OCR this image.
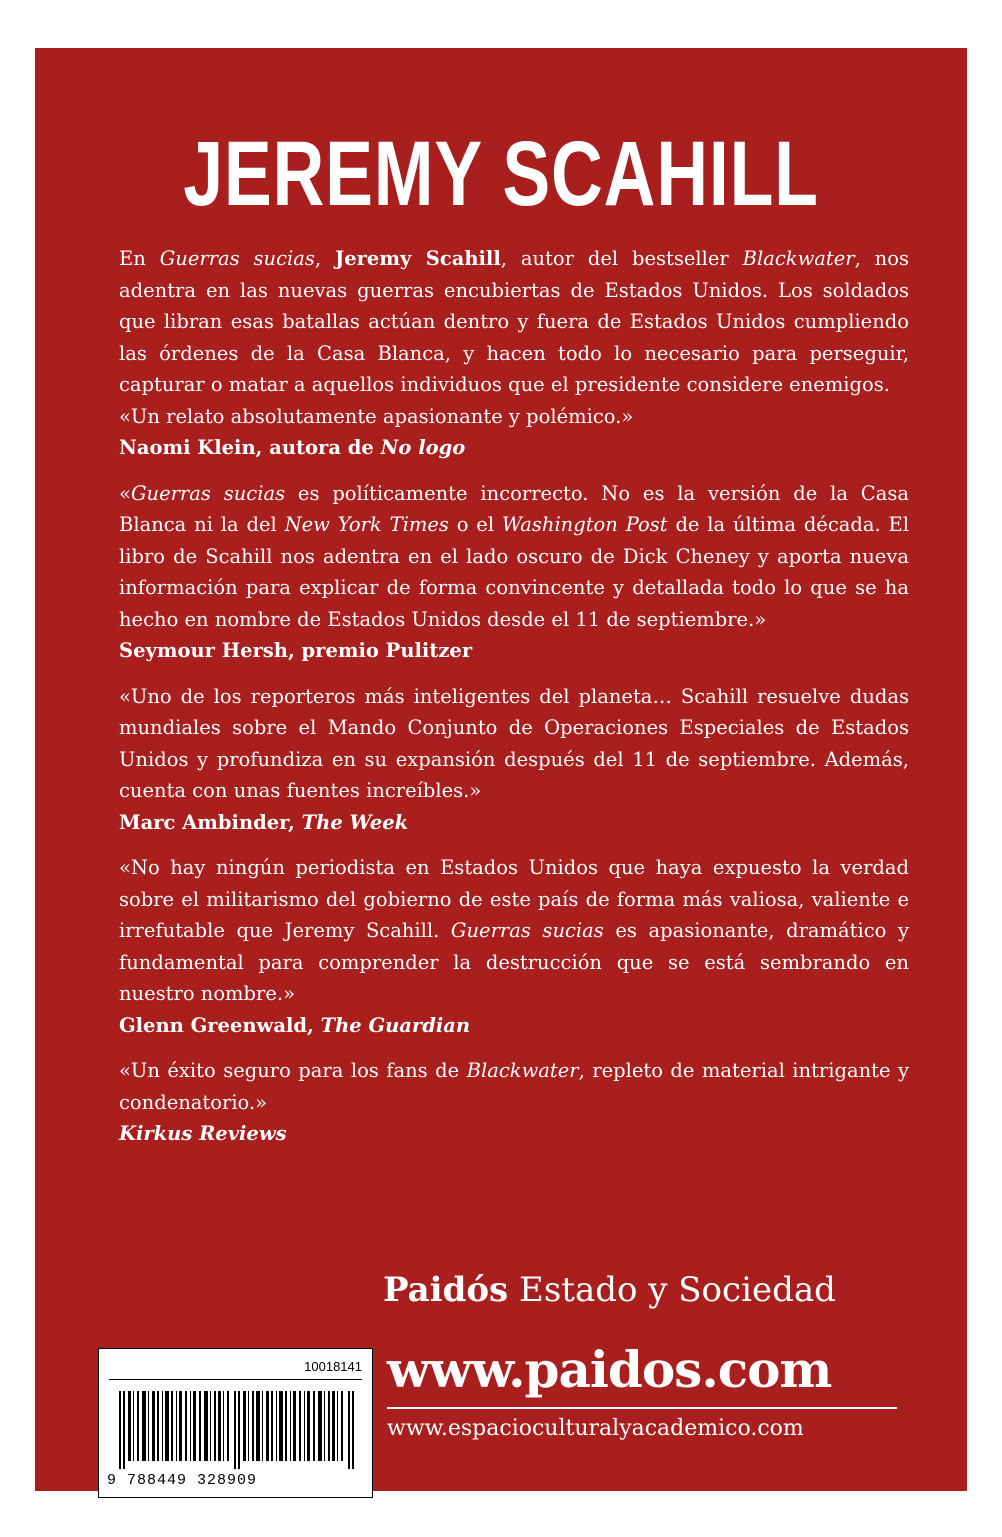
JEREMY SCAHILL

En Guerras sucias, Jeremy Scahill, autor del bestseller Blackwater, nos adentra en las nuevas guerras encubiertas de Estados Unidos. Los soldados que libran esas batallas actúan dentro y fuera de Estados Unidos cumpliendo las órdenes de la Casa Blanca, y hacen todo lo necesario para perseguir, capturar o matar a aquellos individuos que el presidente considere enemigos.

«Un relato absolutamente apasionante y polémico.»

Naomi Klein, autora de No logo

«Guerras sucias es políticamente incorrecto. No es la versión de la Casa Blanca ni la del New York Times o el Washington Post de la última década. El libro de Scahill nos adentra en el lado oscuro de Dick Cheney y aporta nueva información para explicar de forma convincente y detallada todo lo que se ha hecho en nombre de Estados Unidos desde el 11 de septiembre.»

Seymour Hersh, premio Pulitzer

«Uno de los reporteros más inteligentes del planeta… Scahill resuelve dudas mundiales sobre el Mando Conjunto de Operaciones Especiales de Estados Unidos y profundiza en su expansión después del 11 de septiembre. Además, cuenta con unas fuentes increíbles.»

Marc Ambinder, The Week

«No hay ningún periodista en Estados Unidos que haya expuesto la verdad sobre el militarismo del gobierno de este país de forma más valiosa, valiente e irrefutable que Jeremy Scahill. Guerras sucias es apasionante, dramático y fundamental para comprender la destrucción que se está sembrando en nuestro nombre.»

Glenn Greenwald, The Guardian

«Un éxito seguro para los fans de Blackwater, repleto de material intrigante y condenatorio.»

Kirkus Reviews

Paidós Estado y Sociedad
www.paidos.com
www.espacioculturalyacademico.com
10018141
9 788449 328909
